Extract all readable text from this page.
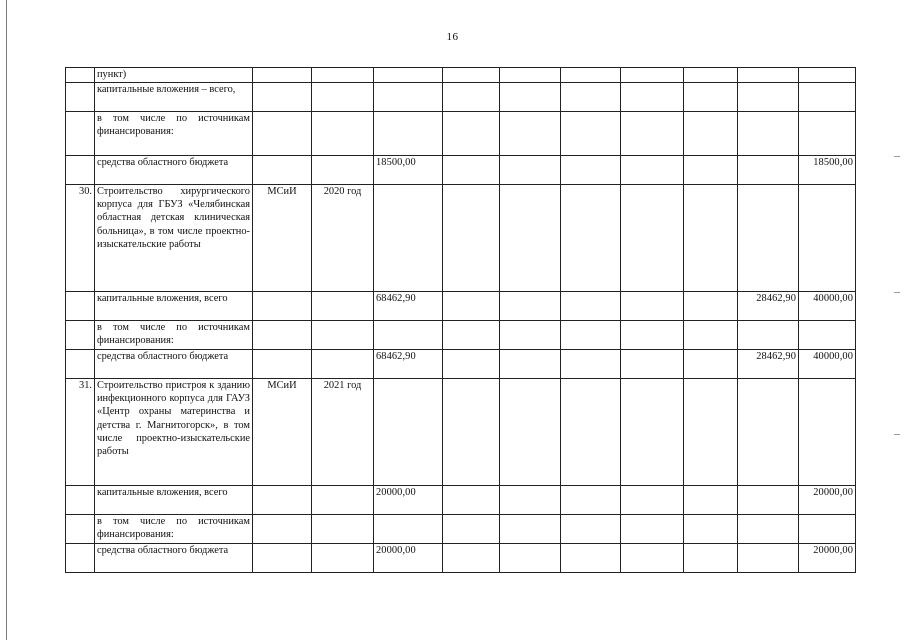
16
	пункт)										
	капитальные вложения – всего,										
	в том числе по источникам финансирования:										
	средства областного бюджета			18500,00							18500,00
30.	Строительство хирургического корпуса для ГБУЗ «Челябинская областная детская клиническая больница», в том числе проектно-изыскательские работы	МСиИ	2020 год								
	капитальные вложения, всего			68462,90						28462,90	40000,00
	в том числе по источникам финансирования:										
	средства областного бюджета			68462,90						28462,90	40000,00
31.	Строительство пристроя к зданию инфекционного корпуса для ГАУЗ «Центр охраны материнства и детства г. Магнитогорск», в том числе проектно-изыскательские работы	МСиИ	2021 год								
	капитальные вложения, всего			20000,00							20000,00
	в том числе по источникам финансирования:										
	средства областного бюджета			20000,00							20000,00
